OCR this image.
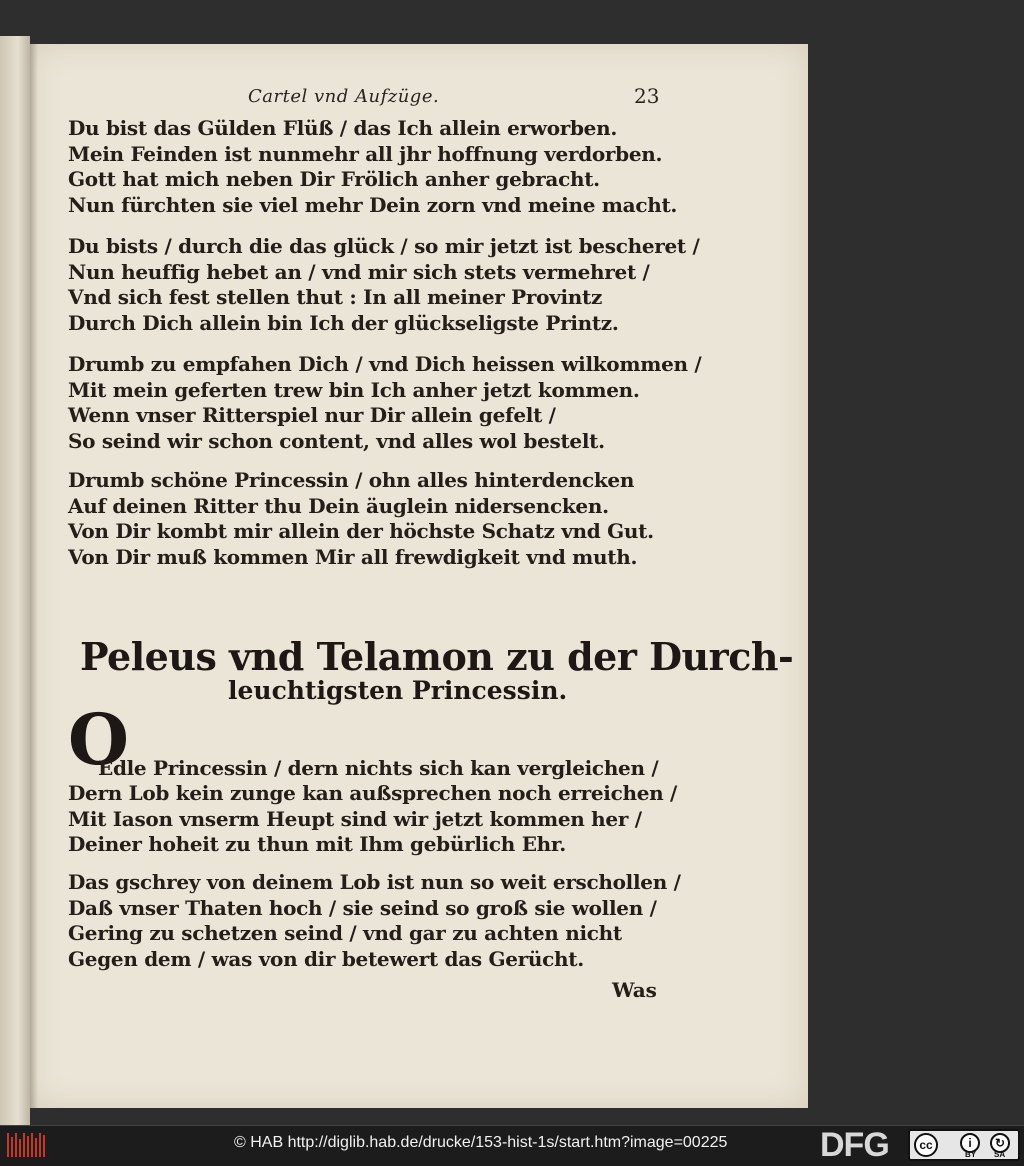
Cartel vnd Aufzüge.	23
Du bist das Gülden Flüß / das Ich allein erworben.
Mein Feinden ist nunmehr all jhr hoffnung verdorben.
Gott hat mich neben Dir Frölich anher gebracht.
Nun fürchten sie viel mehr Dein zorn vnd meine macht.
Du bists / durch die das glück / so mir jetzt ist bescheret /
Nun heuffig hebet an / vnd mir sich stets vermehret /
Vnd sich fest stellen thut : In all meiner Provintz
Durch Dich allein bin Ich der glückseligste Printz.
Drumb zu empfahen Dich / vnd Dich heissen wilkommen /
Mit mein geferten trew bin Ich anher jetzt kommen.
Wenn vnser Ritterspiel nur Dir allein gefelt /
So seind wir schon content, vnd alles wol bestelt.
Drumb schöne Princessin / ohn alles hinterdencken
Auf deinen Ritter thu Dein äuglein nidersencken.
Von Dir kombt mir allein der höchste Schatz vnd Gut.
Von Dir muß kommen Mir all frewdigkeit vnd muth.
Peleus vnd Telamon zu der Durch-
leuchtigsten Princessin.
O
Edle Princessin / dern nichts sich kan vergleichen /
Dern Lob kein zunge kan außsprechen noch erreichen /
Mit Iason vnserm Heupt sind wir jetzt kommen her /
Deiner hoheit zu thun mit Ihm gebürlich Ehr.
Das gschrey von deinem Lob ist nun so weit erschollen /
Daß vnser Thaten hoch / sie seind so groß sie wollen /
Gering zu schetzen seind / vnd gar zu achten nicht
Gegen dem / was von dir betewert das Gerücht.
Was
© HAB http://diglib.hab.de/drucke/153-hist-1s/start.htm?image=00225	DFG	cc	i
BY
↻
SA
